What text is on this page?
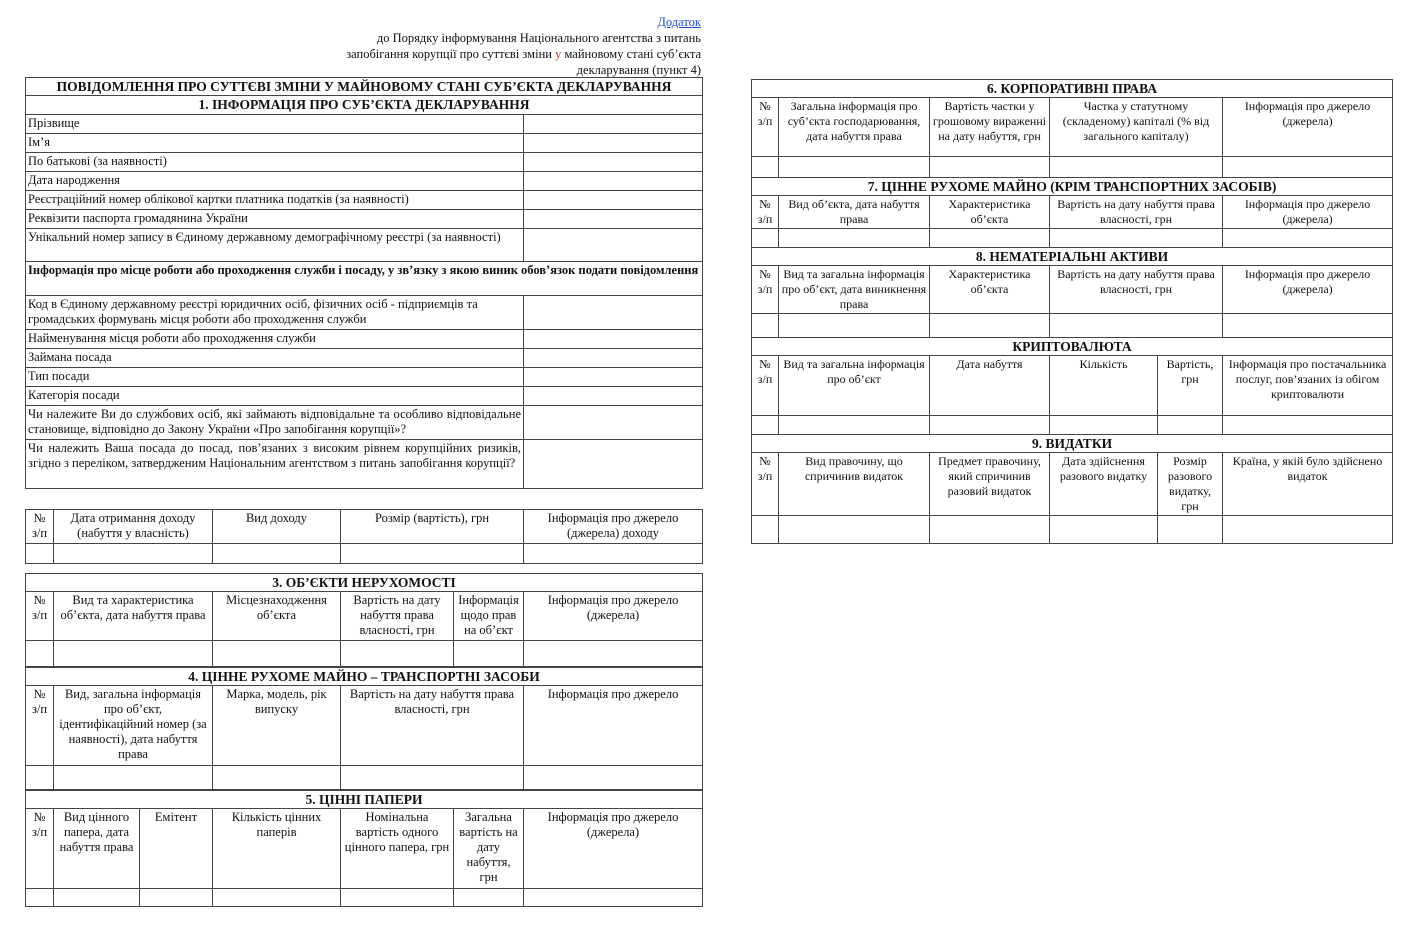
Додаток
до Порядку інформування Національного агентства з питань
запобігання корупції про суттєві зміни у майновому стані суб’єкта
декларування (пункт 4)
ПОВІДОМЛЕННЯ ПРО СУТТЄВІ ЗМІНИ У МАЙНОВОМУ СТАНІ СУБ’ЄКТА ДЕКЛАРУВАННЯ	
1. ІНФОРМАЦІЯ ПРО СУБ’ЄКТА ДЕКЛАРУВАННЯ	
Прізвище	
Ім’я	
По батькові (за наявності)	
Дата народження	
Реєстраційний номер облікової картки платника податків (за наявності)	
Реквізити паспорта громадянина України	
Унікальний номер запису в Єдиному державному демографічному реєстрі (за наявності)	
Інформація про місце роботи або проходження служби і посаду, у зв’язку з якою виник обов’язок подати повідомлення	
Код в Єдиному державному реєстрі юридичних осіб, фізичних осіб - підприємців та громадських формувань місця роботи або проходження служби	
Найменування місця роботи або проходження служби	
Займана посада	
Тип посади	
Категорія посади	
Чи належите Ви до службових осіб, які займають відповідальне та особливо відповідальне становище, відповідно до Закону України «Про запобігання корупції»?	
Чи належить Ваша посада до посад, пов’язаних з високим рівнем корупційних ризиків, згідно з переліком, затвердженим Національним агентством з питань запобігання корупції?	
№ з/п	Дата отримання доходу (набуття у власність)	Вид доходу	Розмір (вартість), грн	Інформація про джерело (джерела) доходу

3. ОБ’ЄКТИ НЕРУХОМОСТІ					
№ з/п	Вид та характеристика об’єкта, дата набуття права	Місцезнаходження об’єкта	Вартість на дату набуття права власності, грн	Інформація щодо прав на об’єкт	Інформація про джерело (джерела)

4. ЦІННЕ РУХОМЕ МАЙНО – ТРАНСПОРТНІ ЗАСОБИ				
№ з/п	Вид, загальна інформація про об’єкт, ідентифікаційний номер (за наявності), дата набуття права	Марка, модель, рік випуску	Вартість на дату набуття права власності, грн	Інформація про джерело

5. ЦІННІ ПАПЕРИ						
№ з/п	Вид цінного папера, дата набуття права	Емітент	Кількість цінних паперів	Номінальна вартість одного цінного папера, грн	Загальна вартість на дату набуття, грн	Інформація про джерело (джерела)

6. КОРПОРАТИВНІ ПРАВА					
№ з/п	Загальна інформація про суб’єкта господарювання, дата набуття права	Вартість частки у грошовому вираженні на дату набуття, грн	Частка у статутному (складеному) капіталі (% від загального капіталу)		Інформація про джерело (джерела)

7. ЦІННЕ РУХОМЕ МАЙНО (КРІМ ТРАНСПОРТНИХ ЗАСОБІВ)					
№ з/п	Вид об’єкта, дата набуття права	Характеристика об’єкта	Вартість на дату набуття права власності, грн		Інформація про джерело (джерела)

8. НЕМАТЕРІАЛЬНІ АКТИВИ					
№ з/п	Вид та загальна інформація про об’єкт, дата виникнення права	Характеристика об’єкта	Вартість на дату набуття права власності, грн		Інформація про джерело (джерела)

КРИПТОВАЛЮТА					
№ з/п	Вид та загальна інформація про об’єкт	Дата набуття	Кількість	Вартість, грн	Інформація про постачальника послуг, пов’язаних із обігом криптовалюти

9. ВИДАТКИ					
№ з/п	Вид правочину, що спричинив видаток	Предмет правочину, який спричинив разовий видаток	Дата здійснення разового видатку	Розмір разового видатку, грн	Країна, у якій було здійснено видаток
